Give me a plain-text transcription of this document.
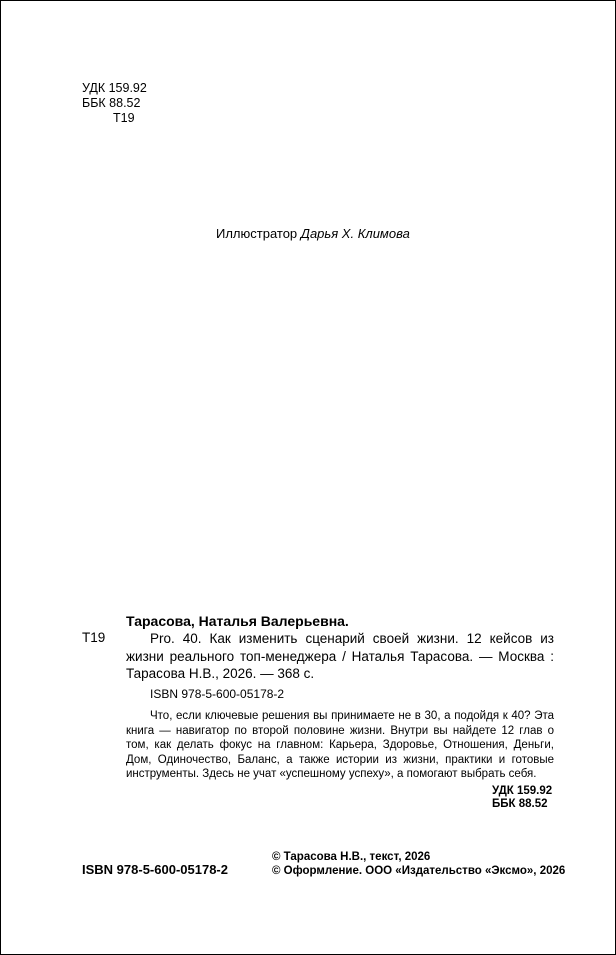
УДК 159.92
ББК 88.52
Т19
Иллюстратор Дарья Х. Климова
Тарасова, Наталья Валерьевна.
Т19	Pro. 40. Как изменить сценарий своей жизни. 12 кейсов из жизни реального топ-менеджера / Наталья Тарасова. — Москва : Тарасова Н.В., 2026. — 368 с.
ISBN 978-5-600-05178-2
Что, если ключевые решения вы принимаете не в 30, а подойдя к 40? Эта книга — навигатор по второй половине жизни. Внутри вы найдете 12 глав о том, как делать фокус на главном: Карьера, Здоровье, Отношения, Деньги, Дом, Одиночество, Баланс, а также истории из жизни, практики и готовые инструменты. Здесь не учат «успешному успеху», а помогают выбрать себя.
УДК 159.92
ББК 88.52
ISBN 978-5-600-05178-2
© Тарасова Н.В., текст, 2026
© Оформление. ООО «Издательство «Эксмо», 2026
